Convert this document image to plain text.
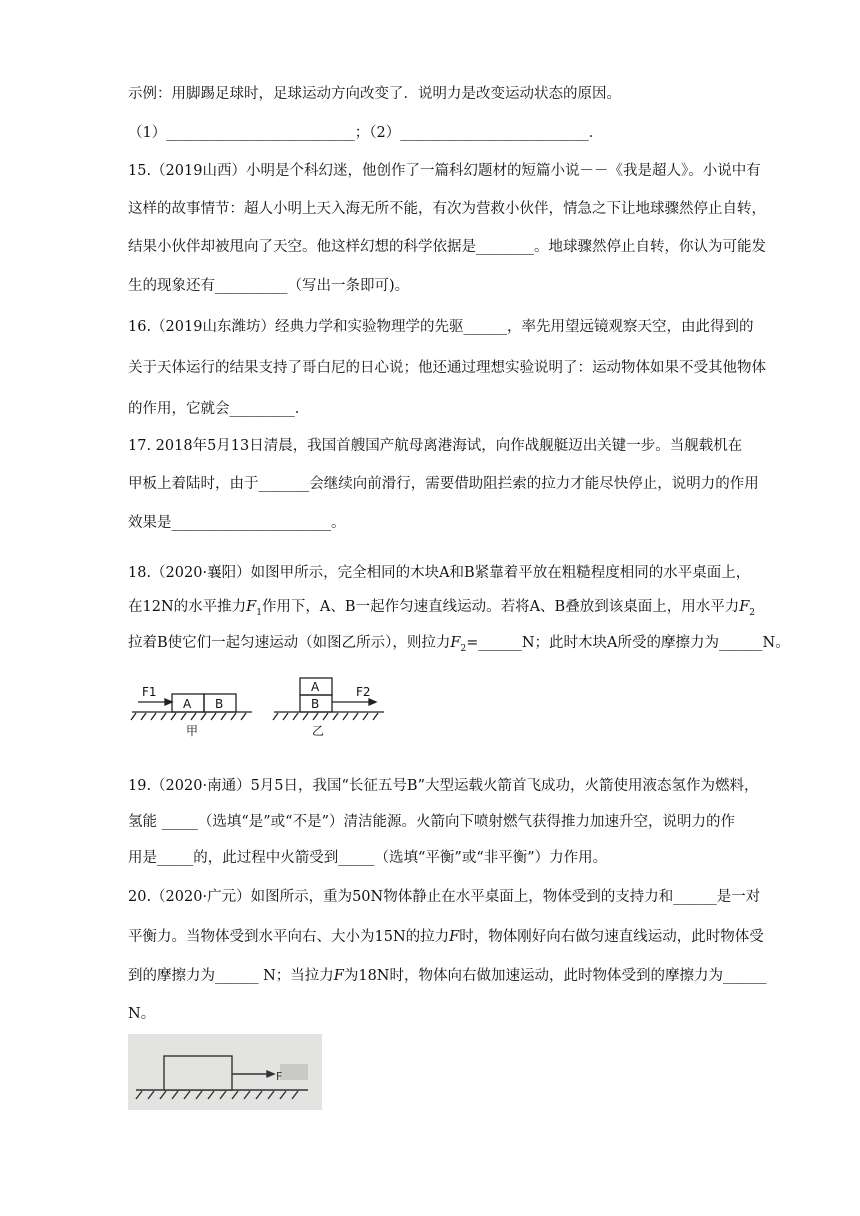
示例：用脚踢足球时，足球运动方向改变了．说明力是改变运动状态的原因。
（1）__________________________；（2）__________________________．
15.（2019山西）小明是个科幻迷，他创作了一篇科幻题材的短篇小说－－《我是超人》。小说中有
这样的故事情节：超人小明上天入海无所不能，有次为营救小伙伴，情急之下让地球骤然停止自转，
结果小伙伴却被甩向了天空。他这样幻想的科学依据是________。地球骤然停止自转，你认为可能发
生的现象还有__________（写出一条即可)。
16.（2019山东潍坊）经典力学和实验物理学的先驱______，率先用望远镜观察天空，由此得到的
关于天体运行的结果支持了哥白尼的日心说；他还通过理想实验说明了：运动物体如果不受其他物体
的作用，它就会_________．
17. 2018年5月13日清晨，我国首艘国产航母离港海试，向作战舰艇迈出关键一步。当舰载机在
甲板上着陆时，由于_______会继续向前滑行，需要借助阻拦索的拉力才能尽快停止，说明力的作用
效果是______________________。
18.（2020·襄阳）如图甲所示，完全相同的木块A和B紧靠着平放在粗糙程度相同的水平桌面上，
在12N的水平推力$F_1$作用下，A、B一起作匀速直线运动。若将A、B叠放到该桌面上，用水平力$F_2$
拉着B使它们一起匀速运动（如图乙所示），则拉力$F_2=\_\_\_\_\_\_N$；此时木块A所受的摩擦力为______N。
F1
A B
甲
A
B
F2
乙
19.（2020·南通）5月5日，我国“长征五号B”大型运载火箭首飞成功，火箭使用液态氢作为燃料，
氢能 _____（选填“是”或“不是”）清洁能源。火箭向下喷射燃气获得推力加速升空，说明力的作
用是_____的，此过程中火箭受到_____（选填“平衡”或“非平衡”）力作用。
20.（2020·广元）如图所示，重为50N物体静止在水平桌面上，物体受到的支持力和______是一对
平衡力。当物体受到水平向右、大小为15N的拉力F时，物体刚好向右做匀速直线运动，此时物体受
到的摩擦力为______ N；当拉力F为18N时，物体向右做加速运动，此时物体受到的摩擦力为______
N。
F
